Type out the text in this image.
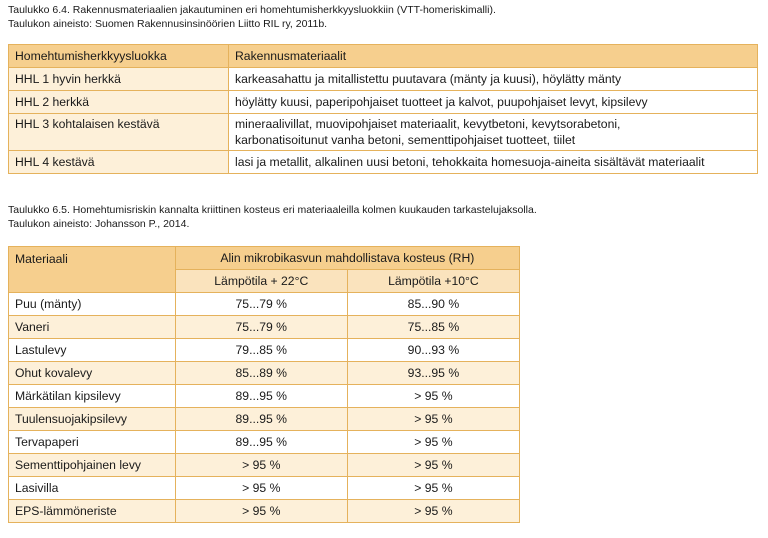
Taulukko 6.4. Rakennusmateriaalien jakautuminen eri homehtumisherkkyysluokkiin (VTT-homeriskimalli).
Taulukon aineisto: Suomen Rakennusinsinöörien Liitto RIL ry, 2011b.
Homehtumisherkkyysluokka	Rakennusmateriaalit
HHL 1 hyvin herkkä	karkeasahattu ja mitallistettu puutavara (mänty ja kuusi), höylätty mänty
HHL 2 herkkä	höylätty kuusi, paperipohjaiset tuotteet ja kalvot, puupohjaiset levyt, kipsilevy
HHL 3 kohtalaisen kestävä	mineraalivillat, muovipohjaiset materiaalit, kevytbetoni, kevytsorabetoni,
karbonatisoitunut vanha betoni, sementtipohjaiset tuotteet, tiilet

HHL 4 kestävä	lasi ja metallit, alkalinen uusi betoni, tehokkaita homesuoja-aineita sisältävät materiaalit
Taulukko 6.5. Homehtumisriskin kannalta kriittinen kosteus eri materiaaleilla kolmen kuukauden tarkastelujaksolla.
Taulukon aineisto: Johansson P., 2014.
Materiaali	Alin mikrobikasvun mahdollistava kosteus (RH)	
	Lämpötila + 22°C	Lämpötila +10°C
Puu (mänty)	75...79 %	85...90 %
Vaneri	75...79 %	75...85 %
Lastulevy	79...85 %	90...93 %
Ohut kovalevy	85...89 %	93...95 %
Märkätilan kipsilevy	89...95 %	> 95 %
Tuulensuojakipsilevy	89...95 %	> 95 %
Tervapaperi	89...95 %	> 95 %
Sementtipohjainen levy	> 95 %	> 95 %
Lasivilla	> 95 %	> 95 %
EPS-lämmöneriste	> 95 %	> 95 %
